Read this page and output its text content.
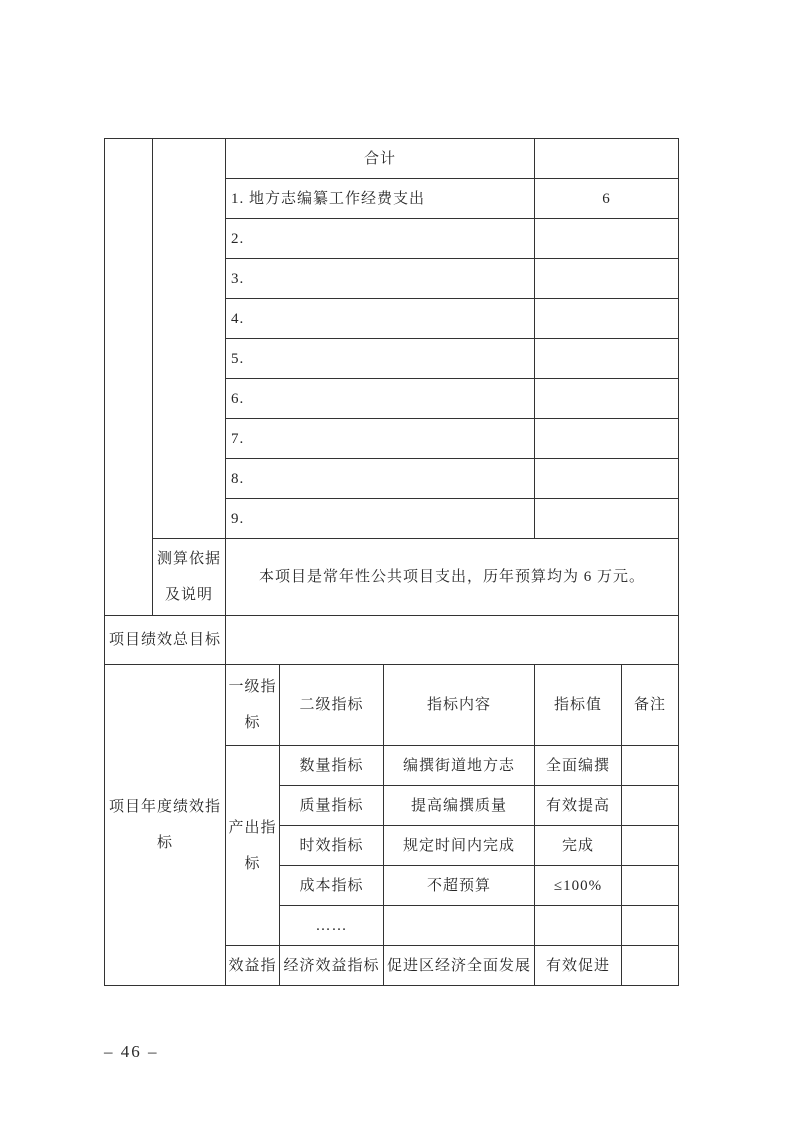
		合计				
		1. 地方志编纂工作经费支出			6	
		2.				
		3.				
		4.				
		5.				
		6.				
		7.				
		8.				
		9.				
	测算依据及说明	本项目是常年性公共项目支出，历年预算均为 6 万元。				
项目绩效总目标						
项目年度绩效指标		一级指标	二级指标	指标内容	指标值	备注
		产出指标	数量指标	编撰街道地方志	全面编撰	
			质量指标	提高编撰质量	有效提高	
			时效指标	规定时间内完成	完成	
			成本指标	不超预算	≤100%	
			……			
		效益指	经济效益指标	促进区经济全面发展	有效促进	
– 46 –
